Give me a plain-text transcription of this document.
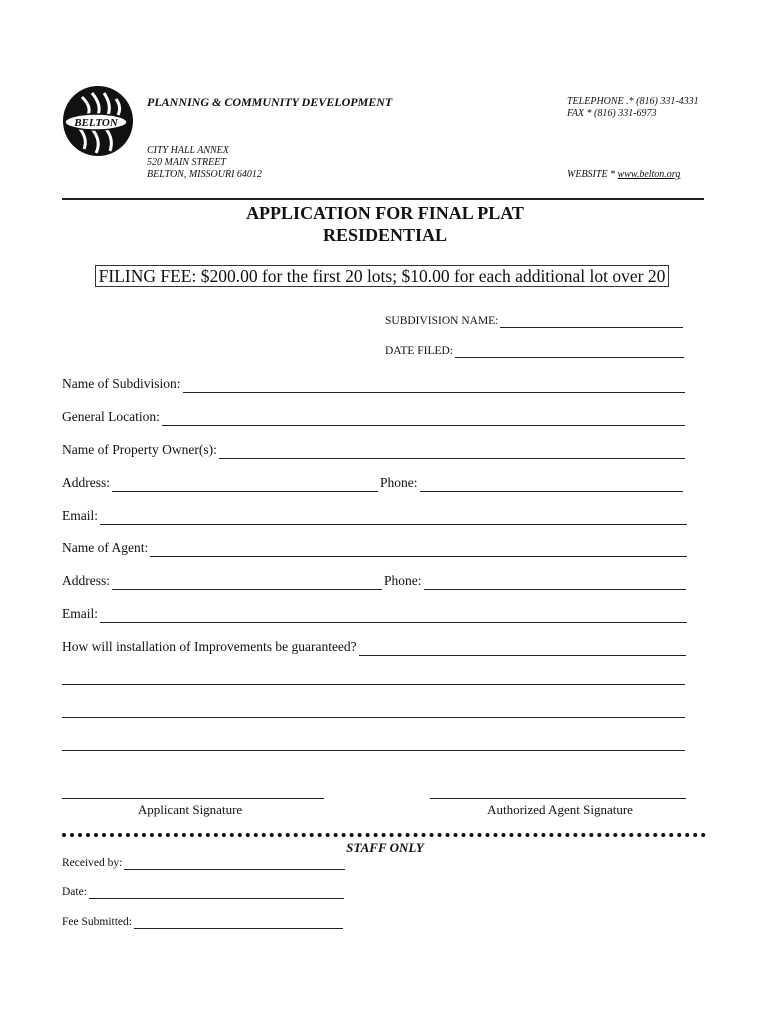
BELTON
PLANNING & COMMUNITY DEVELOPMENT	TELEPHONE .* (816) 331-4331
FAX * (816) 331-6973
CITY HALL ANNEX
520 MAIN STREET
BELTON, MISSOURI 64012	WEBSITE * www.belton.org
APPLICATION FOR FINAL PLAT
RESIDENTIAL
FILING FEE: $200.00 for the first 20 lots; $10.00 for each additional lot over 20
SUBDIVISION NAME:
DATE FILED:
Name of Subdivision:
General Location:
Name of Property Owner(s):
Address:	Phone:
Email:
Name of Agent:
Address:	Phone:
Email:
How will installation of Improvements be guaranteed?
Applicant Signature	Authorized Agent Signature
STAFF ONLY
Received by:
Date:
Fee Submitted:
